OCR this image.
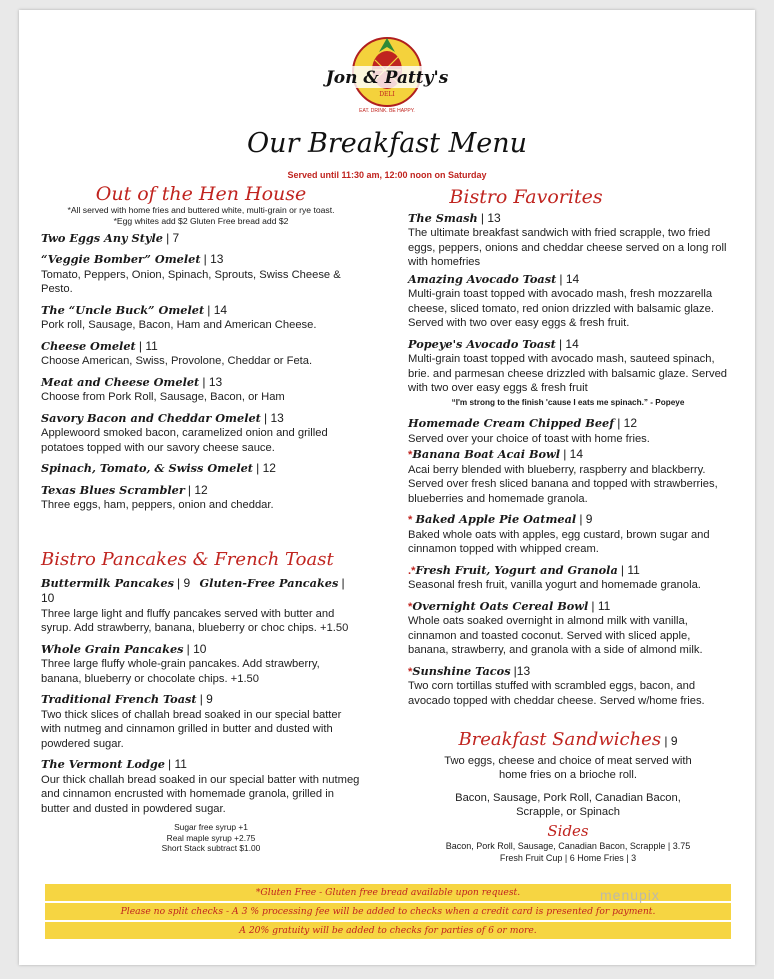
Jon & Patty's
DELI
EAT. DRINK. BE HAPPY.
Our Breakfast Menu
Served until 11:30 am, 12:00 noon on Saturday
Out of the Hen House
*All served with home fries and buttered white, multi-grain or rye toast.
*Egg whites add $2 Gluten Free bread add $2
Two Eggs Any Style | 7
“Veggie Bomber” Omelet | 13
Tomato, Peppers, Onion, Spinach, Sprouts, Swiss Cheese & Pesto.
The “Uncle Buck” Omelet | 14
Pork roll, Sausage, Bacon, Ham and American Cheese.
Cheese Omelet | 11
Choose American, Swiss, Provolone, Cheddar or Feta.
Meat and Cheese Omelet | 13
Choose from Pork Roll, Sausage, Bacon, or Ham
Savory Bacon and Cheddar Omelet | 13
Applewoord smoked bacon, caramelized onion and grilled potatoes topped with our savory cheese sauce.
Spinach, Tomato, & Swiss Omelet | 12
Texas Blues Scrambler | 12
Three eggs, ham, peppers, onion and cheddar.
Bistro Pancakes & French Toast
Buttermilk Pancakes | 9 Gluten-Free Pancakes | 10
Three large light and fluffy pancakes served with butter and syrup. Add strawberry, banana, blueberry or choc chips. +1.50
Whole Grain Pancakes | 10
Three large fluffy whole-grain pancakes. Add strawberry, banana, blueberry or chocolate chips. +1.50
Traditional French Toast | 9
Two thick slices of challah bread soaked in our special batter with nutmeg and cinnamon grilled in butter and dusted with powdered sugar.
The Vermont Lodge | 11
Our thick challah bread soaked in our special batter with nutmeg and cinnamon encrusted with homemade granola, grilled in butter and dusted in powdered sugar.
Sugar free syrup +1
Real maple syrup +2.75
Short Stack subtract $1.00
Bistro Favorites
The Smash | 13
The ultimate breakfast sandwich with fried scrapple, two fried eggs, peppers, onions and cheddar cheese served on a long roll with homefries
Amazing Avocado Toast | 14
Multi-grain toast topped with avocado mash, fresh mozzarella cheese, sliced tomato, red onion drizzled with balsamic glaze. Served with two over easy eggs & fresh fruit.
Popeye's Avocado Toast | 14
Multi-grain toast topped with avocado mash, sauteed spinach, brie. and parmesan cheese drizzled with balsamic glaze. Served with two over easy eggs & fresh fruit
“I'm strong to the finish 'cause I eats me spinach.” - Popeye
Homemade Cream Chipped Beef | 12
Served over your choice of toast with home fries.
*Banana Boat Acai Bowl | 14
Acai berry blended with blueberry, raspberry and blackberry. Served over fresh sliced banana and topped with strawberries, blueberries and homemade granola.
* Baked Apple Pie Oatmeal | 9
Baked whole oats with apples, egg custard, brown sugar and cinnamon topped with whipped cream.
.*Fresh Fruit, Yogurt and Granola | 11
Seasonal fresh fruit, vanilla yogurt and homemade granola.
*Overnight Oats Cereal Bowl | 11
Whole oats soaked overnight in almond milk with vanilla, cinnamon and toasted coconut. Served with sliced apple, banana, strawberry, and granola with a side of almond milk.
*Sunshine Tacos |13
Two corn tortillas stuffed with scrambled eggs, bacon, and avocado topped with cheddar cheese. Served w/home fries.
Breakfast Sandwiches | 9
Two eggs, cheese and choice of meat served with home fries on a brioche roll.
Bacon, Sausage, Pork Roll, Canadian Bacon, Scrapple, or Spinach
Sides
Bacon, Pork Roll, Sausage, Canadian Bacon, Scrapple | 3.75
Fresh Fruit Cup | 6 Home Fries | 3
*Gluten Free - Gluten free bread available upon request.
Please no split checks - A 3 % processing fee will be added to checks when a credit card is presented for payment.
A 20% gratuity will be added to checks for parties of 6 or more.
menupix
